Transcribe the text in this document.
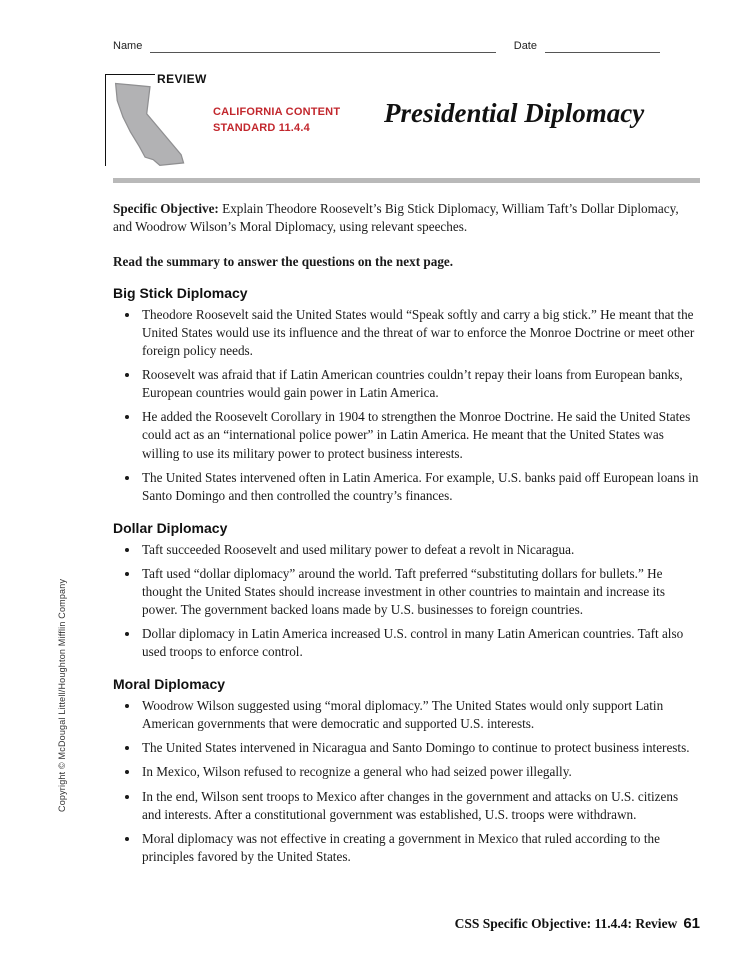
Name	Date
REVIEW
CALIFORNIA CONTENT
STANDARD 11.4.4	Presidential Diplomacy

Specific Objective: Explain Theodore Roosevelt’s Big Stick Diplomacy, William Taft’s Dollar Diplomacy, and Woodrow Wilson’s Moral Diplomacy, using relevant speeches.

Read the summary to answer the questions on the next page.

Big Stick Diplomacy
• Theodore Roosevelt said the United States would “Speak softly and carry a big stick.” He meant that the United States would use its influence and the threat of war to enforce the Monroe Doctrine or meet other foreign policy needs.
• Roosevelt was afraid that if Latin American countries couldn’t repay their loans from European banks, European countries would gain power in Latin America.
• He added the Roosevelt Corollary in 1904 to strengthen the Monroe Doctrine. He said the United States could act as an “international police power” in Latin America. He meant that the United States was willing to use its military power to protect business interests.
• The United States intervened often in Latin America. For example, U.S. banks paid off European loans in Santo Domingo and then controlled the country’s finances.
Dollar Diplomacy
• Taft succeeded Roosevelt and used military power to defeat a revolt in Nicaragua.
• Taft used “dollar diplomacy” around the world. Taft preferred “substituting dollars for bullets.” He thought the United States should increase investment in other countries to maintain and increase its power. The government backed loans made by U.S. businesses to foreign countries.
• Dollar diplomacy in Latin America increased U.S. control in many Latin American countries. Taft also used troops to enforce control.
Moral Diplomacy
• Woodrow Wilson suggested using “moral diplomacy.” The United States would only support Latin American governments that were democratic and supported U.S. interests.
• The United States intervened in Nicaragua and Santo Domingo to continue to protect business interests.
• In Mexico, Wilson refused to recognize a general who had seized power illegally.
• In the end, Wilson sent troops to Mexico after changes in the government and attacks on U.S. citizens and interests. After a constitutional government was established, U.S. troops were withdrawn.
• Moral diplomacy was not effective in creating a government in Mexico that ruled according to the principles favored by the United States.
Copyright © McDougal Littell/Houghton Mifflin Company
CSS Specific Objective: 11.4.4: Review 61
